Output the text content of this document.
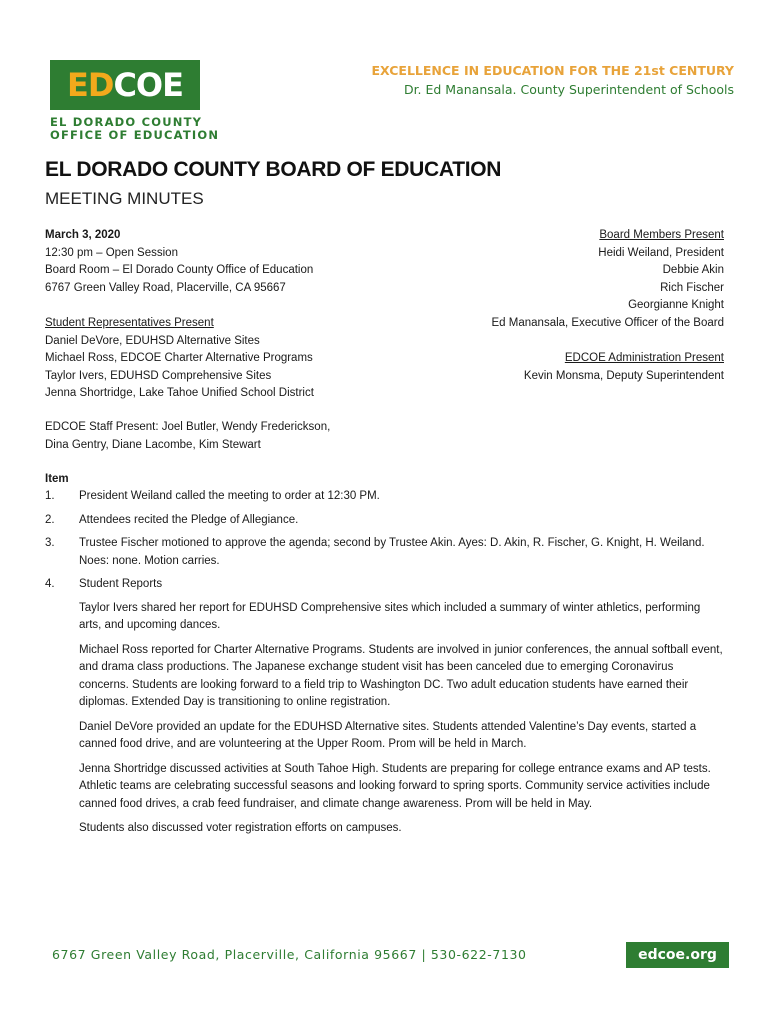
EDCOE
EL DORADO COUNTY
OFFICE OF EDUCATION
EXCELLENCE IN EDUCATION FOR THE 21st CENTURY
Dr. Ed Manansala. County Superintendent of Schools
EL DORADO COUNTY BOARD OF EDUCATION
MEETING MINUTES
March 3, 2020
12:30 pm – Open Session
Board Room – El Dorado County Office of Education
6767 Green Valley Road, Placerville, CA 95667
Board Members Present
Heidi Weiland, President
Debbie Akin
Rich Fischer
Georgianne Knight
Ed Manansala, Executive Officer of the Board
Student Representatives Present
Daniel DeVore, EDUHSD Alternative Sites
Michael Ross, EDCOE Charter Alternative Programs
Taylor Ivers, EDUHSD Comprehensive Sites
Jenna Shortridge, Lake Tahoe Unified School District
EDCOE Administration Present
Kevin Monsma, Deputy Superintendent
EDCOE Staff Present: Joel Butler, Wendy Frederickson,
Dina Gentry, Diane Lacombe, Kim Stewart
Item
1.	President Weiland called the meeting to order at 12:30 PM.
2.	Attendees recited the Pledge of Allegiance.
3.	Trustee Fischer motioned to approve the agenda; second by Trustee Akin. Ayes: D. Akin, R. Fischer, G. Knight, H. Weiland. Noes: none. Motion carries.
4.	Student Reports
Taylor Ivers shared her report for EDUHSD Comprehensive sites which included a summary of winter athletics, performing arts, and upcoming dances.
Michael Ross reported for Charter Alternative Programs. Students are involved in junior conferences, the annual softball event, and drama class productions. The Japanese exchange student visit has been canceled due to emerging Coronavirus concerns. Students are looking forward to a field trip to Washington DC. Two adult education students have earned their diplomas. Extended Day is transitioning to online registration.
Daniel DeVore provided an update for the EDUHSD Alternative sites. Students attended Valentine’s Day events, started a canned food drive, and are volunteering at the Upper Room. Prom will be held in March.
Jenna Shortridge discussed activities at South Tahoe High. Students are preparing for college entrance exams and AP tests. Athletic teams are celebrating successful seasons and looking forward to spring sports. Community service activities include canned food drives, a crab feed fundraiser, and climate change awareness. Prom will be held in May.
Students also discussed voter registration efforts on campuses.
6767 Green Valley Road, Placerville, California 95667 | 530-622-7130	edcoe.org
